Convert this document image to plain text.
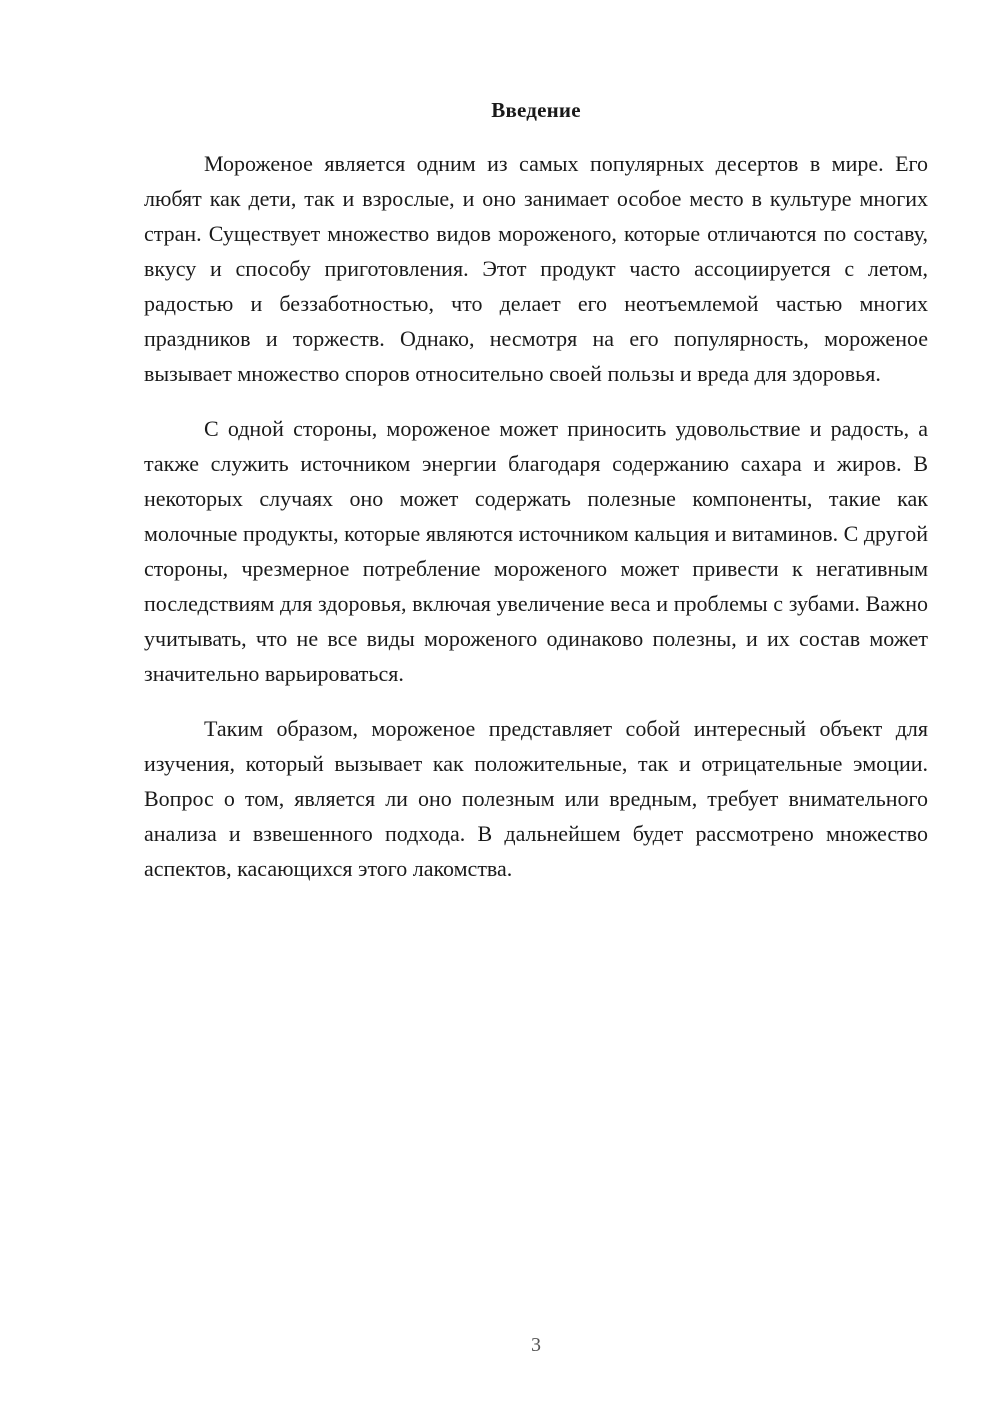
Введение

Мороженое является одним из самых популярных десертов в мире. Его любят как дети, так и взрослые, и оно занимает особое место в культуре многих стран. Существует множество видов мороженого, которые отличаются по составу, вкусу и способу приготовления. Этот продукт часто ассоциируется с летом, радостью и беззаботностью, что делает его неотъемлемой частью многих праздников и торжеств. Однако, несмотря на его популярность, мороженое вызывает множество споров относительно своей пользы и вреда для здоровья.

С одной стороны, мороженое может приносить удовольствие и радость, а также служить источником энергии благодаря содержанию сахара и жиров. В некоторых случаях оно может содержать полезные компоненты, такие как молочные продукты, которые являются источником кальция и витаминов. С другой стороны, чрезмерное потребление мороженого может привести к негативным последствиям для здоровья, включая увеличение веса и проблемы с зубами. Важно учитывать, что не все виды мороженого одинаково полезны, и их состав может значительно варьироваться.

Таким образом, мороженое представляет собой интересный объект для изучения, который вызывает как положительные, так и отрицательные эмоции. Вопрос о том, является ли оно полезным или вредным, требует внимательного анализа и взвешенного подхода. В дальнейшем будет рассмотрено множество аспектов, касающихся этого лакомства.

3
